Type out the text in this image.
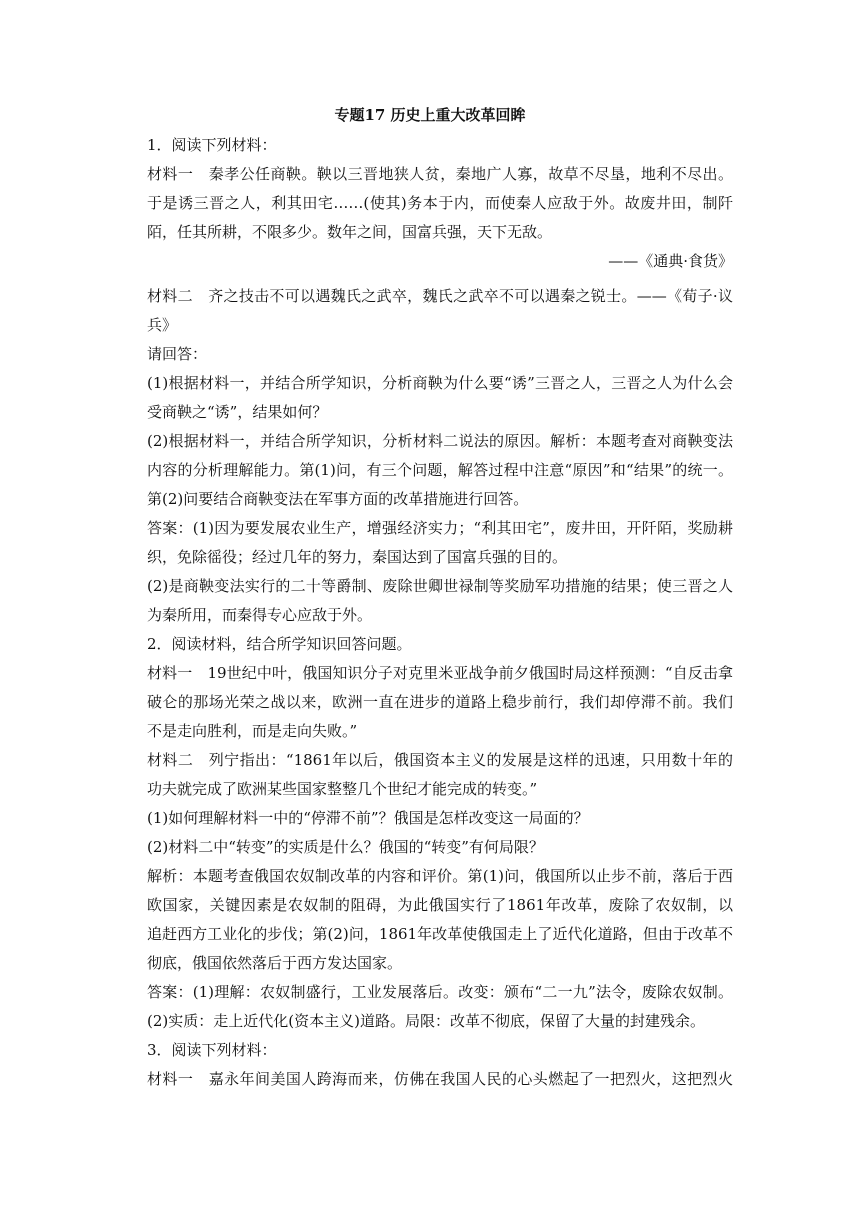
专题17 历史上重大改革回眸
1．阅读下列材料：
材料一　秦孝公任商鞅。鞅以三晋地狭人贫，秦地广人寡，故草不尽垦，地利不尽出。
于是诱三晋之人，利其田宅……(使其)务本于内，而使秦人应敌于外。故废井田，制阡
陌，任其所耕，不限多少。数年之间，国富兵强，天下无敌。
——《通典·食货》
材料二　齐之技击不可以遇魏氏之武卒，魏氏之武卒不可以遇秦之锐士。——《荀子·议
兵》
请回答：
(1)根据材料一，并结合所学知识，分析商鞅为什么要“诱”三晋之人，三晋之人为什么会
受商鞅之“诱”，结果如何？
(2)根据材料一，并结合所学知识，分析材料二说法的原因。解析：本题考查对商鞅变法
内容的分析理解能力。第(1)问，有三个问题，解答过程中注意“原因”和“结果”的统一。
第(2)问要结合商鞅变法在军事方面的改革措施进行回答。
答案：(1)因为要发展农业生产，增强经济实力；“利其田宅”，废井田，开阡陌，奖励耕
织，免除徭役；经过几年的努力，秦国达到了国富兵强的目的。
(2)是商鞅变法实行的二十等爵制、废除世卿世禄制等奖励军功措施的结果；使三晋之人
为秦所用，而秦得专心应敌于外。
2．阅读材料，结合所学知识回答问题。
材料一　19世纪中叶，俄国知识分子对克里米亚战争前夕俄国时局这样预测：“自反击拿
破仑的那场光荣之战以来，欧洲一直在进步的道路上稳步前行，我们却停滞不前。我们
不是走向胜利，而是走向失败。”
材料二　列宁指出：“1861年以后，俄国资本主义的发展是这样的迅速，只用数十年的
功夫就完成了欧洲某些国家整整几个世纪才能完成的转变。”
(1)如何理解材料一中的“停滞不前”？俄国是怎样改变这一局面的？
(2)材料二中“转变”的实质是什么？俄国的“转变”有何局限？
解析：本题考查俄国农奴制改革的内容和评价。第(1)问，俄国所以止步不前，落后于西
欧国家，关键因素是农奴制的阻碍，为此俄国实行了1861年改革，废除了农奴制，以
追赶西方工业化的步伐；第(2)问，1861年改革使俄国走上了近代化道路，但由于改革不
彻底，俄国依然落后于西方发达国家。
答案：(1)理解：农奴制盛行，工业发展落后。改变：颁布“二一九”法令，废除农奴制。
(2)实质：走上近代化(资本主义)道路。局限：改革不彻底，保留了大量的封建残余。
3．阅读下列材料：
材料一　嘉永年间美国人跨海而来，仿佛在我国人民的心头燃起了一把烈火，这把烈火
